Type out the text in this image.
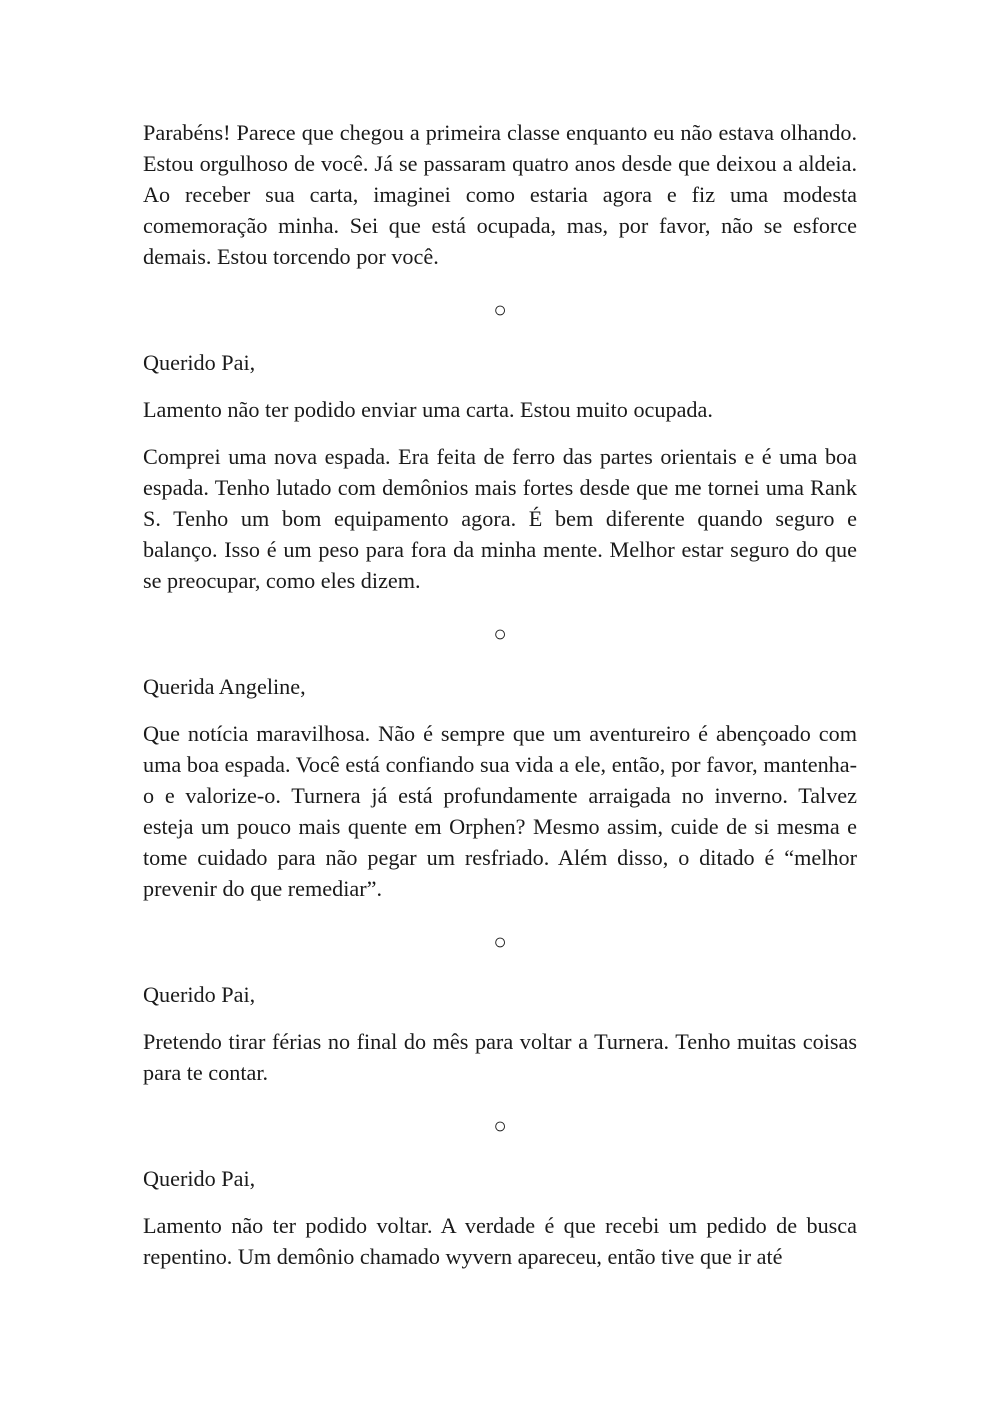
Parabéns! Parece que chegou a primeira classe enquanto eu não estava olhando. Estou orgulhoso de você. Já se passaram quatro anos desde que deixou a aldeia. Ao receber sua carta, imaginei como estaria agora e fiz uma modesta comemoração minha. Sei que está ocupada, mas, por favor, não se esforce demais. Estou torcendo por você.

○

Querido Pai,

Lamento não ter podido enviar uma carta. Estou muito ocupada.

Comprei uma nova espada. Era feita de ferro das partes orientais e é uma boa espada. Tenho lutado com demônios mais fortes desde que me tornei uma Rank S. Tenho um bom equipamento agora. É bem diferente quando seguro e balanço. Isso é um peso para fora da minha mente. Melhor estar seguro do que se preocupar, como eles dizem.

○

Querida Angeline,

Que notícia maravilhosa. Não é sempre que um aventureiro é abençoado com uma boa espada. Você está confiando sua vida a ele, então, por favor, mantenha-o e valorize-o. Turnera já está profundamente arraigada no inverno. Talvez esteja um pouco mais quente em Orphen? Mesmo assim, cuide de si mesma e tome cuidado para não pegar um resfriado. Além disso, o ditado é “melhor prevenir do que remediar”.

○

Querido Pai,

Pretendo tirar férias no final do mês para voltar a Turnera. Tenho muitas coisas para te contar.

○

Querido Pai,

Lamento não ter podido voltar. A verdade é que recebi um pedido de busca repentino. Um demônio chamado wyvern apareceu, então tive que ir até
